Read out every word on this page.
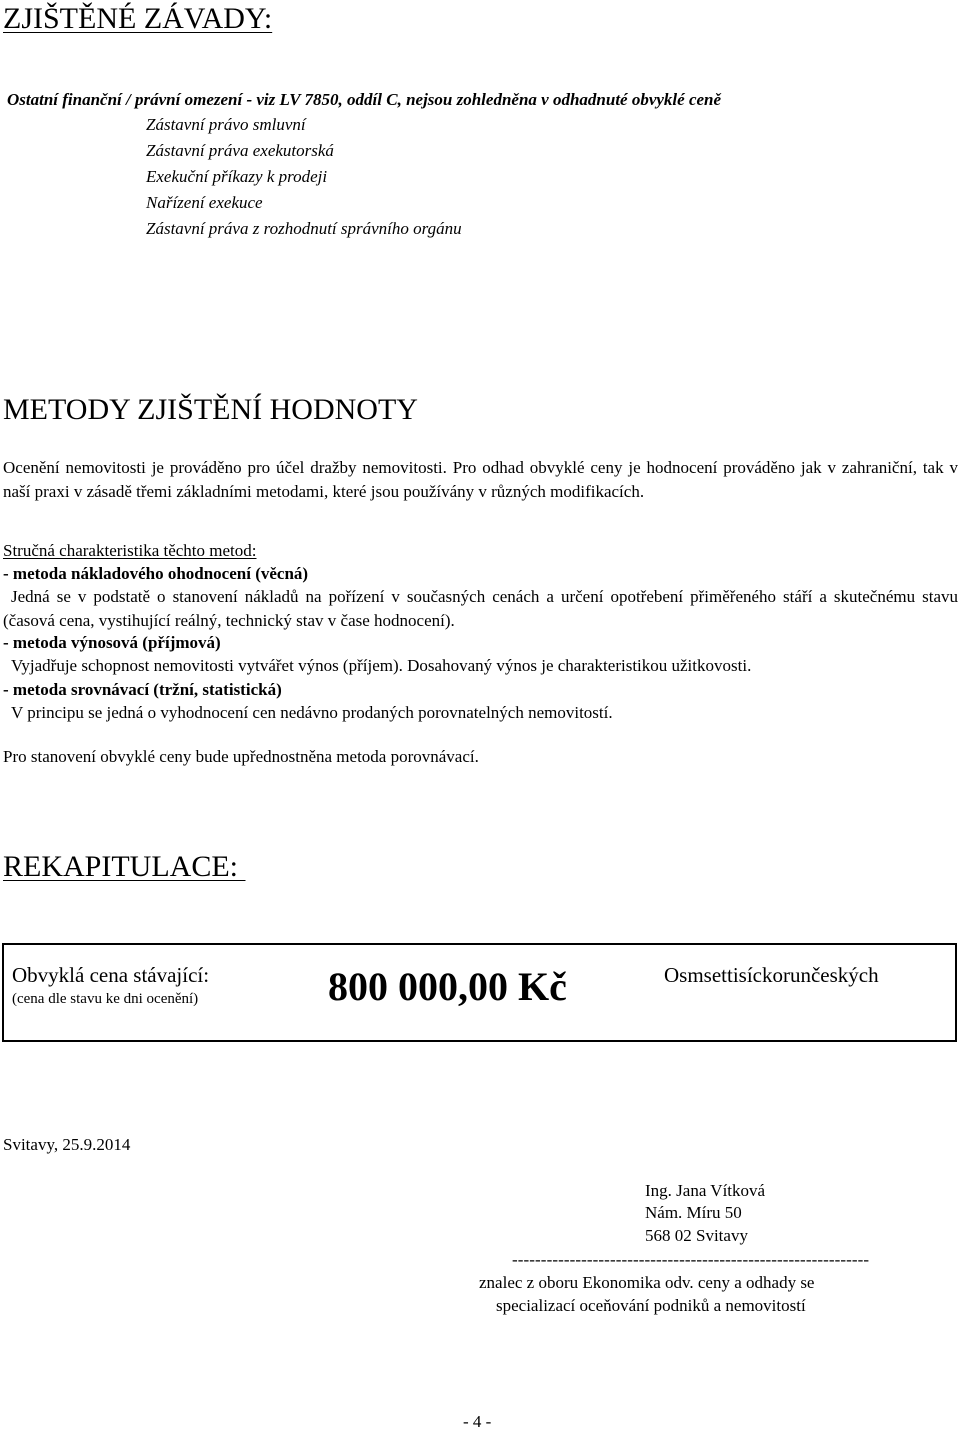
ZJIŠTĚNÉ ZÁVADY:
Ostatní finanční / právní omezení - viz LV 7850, oddíl C, nejsou zohledněna v odhadnuté obvyklé ceně
Zástavní právo smluvní
Zástavní práva exekutorská
Exekuční příkazy k prodeji
Nařízení exekuce
Zástavní práva z rozhodnutí správního orgánu
METODY ZJIŠTĚNÍ HODNOTY
Ocenění nemovitosti je prováděno pro účel dražby nemovitosti. Pro odhad obvyklé ceny je hodnocení prováděno jak v zahraniční, tak v naší praxi v zásadě třemi základními metodami, které jsou používány v různých modifikacích.
Stručná charakteristika těchto metod:
- metoda nákladového ohodnocení (věcná)
Jedná se v podstatě o stanovení nákladů na pořízení v současných cenách a určení opotřebení přiměřeného stáří a skutečnému stavu (časová cena, vystihující reálný, technický stav v čase hodnocení).
- metoda výnosová (příjmová)
Vyjadřuje schopnost nemovitosti vytvářet výnos (příjem). Dosahovaný výnos je charakteristikou užitkovosti.
- metoda srovnávací (tržní, statistická)
V principu se jedná o vyhodnocení cen nedávno prodaných porovnatelných nemovitostí.
Pro stanovení obvyklé ceny bude upřednostněna metoda porovnávací.
REKAPITULACE:
Obvyklá cena stávající:
(cena dle stavu ke dni ocenění)	800 000,00 Kč	Osmsettisíckorunčeských
Svitavy, 25.9.2014
Ing. Jana Vítková
Nám. Míru 50
568 02 Svitavy
--------------------------------------------------------------
znalec z oboru Ekonomika odv. ceny a odhady se
specializací oceňování podniků a nemovitostí
- 4 -
